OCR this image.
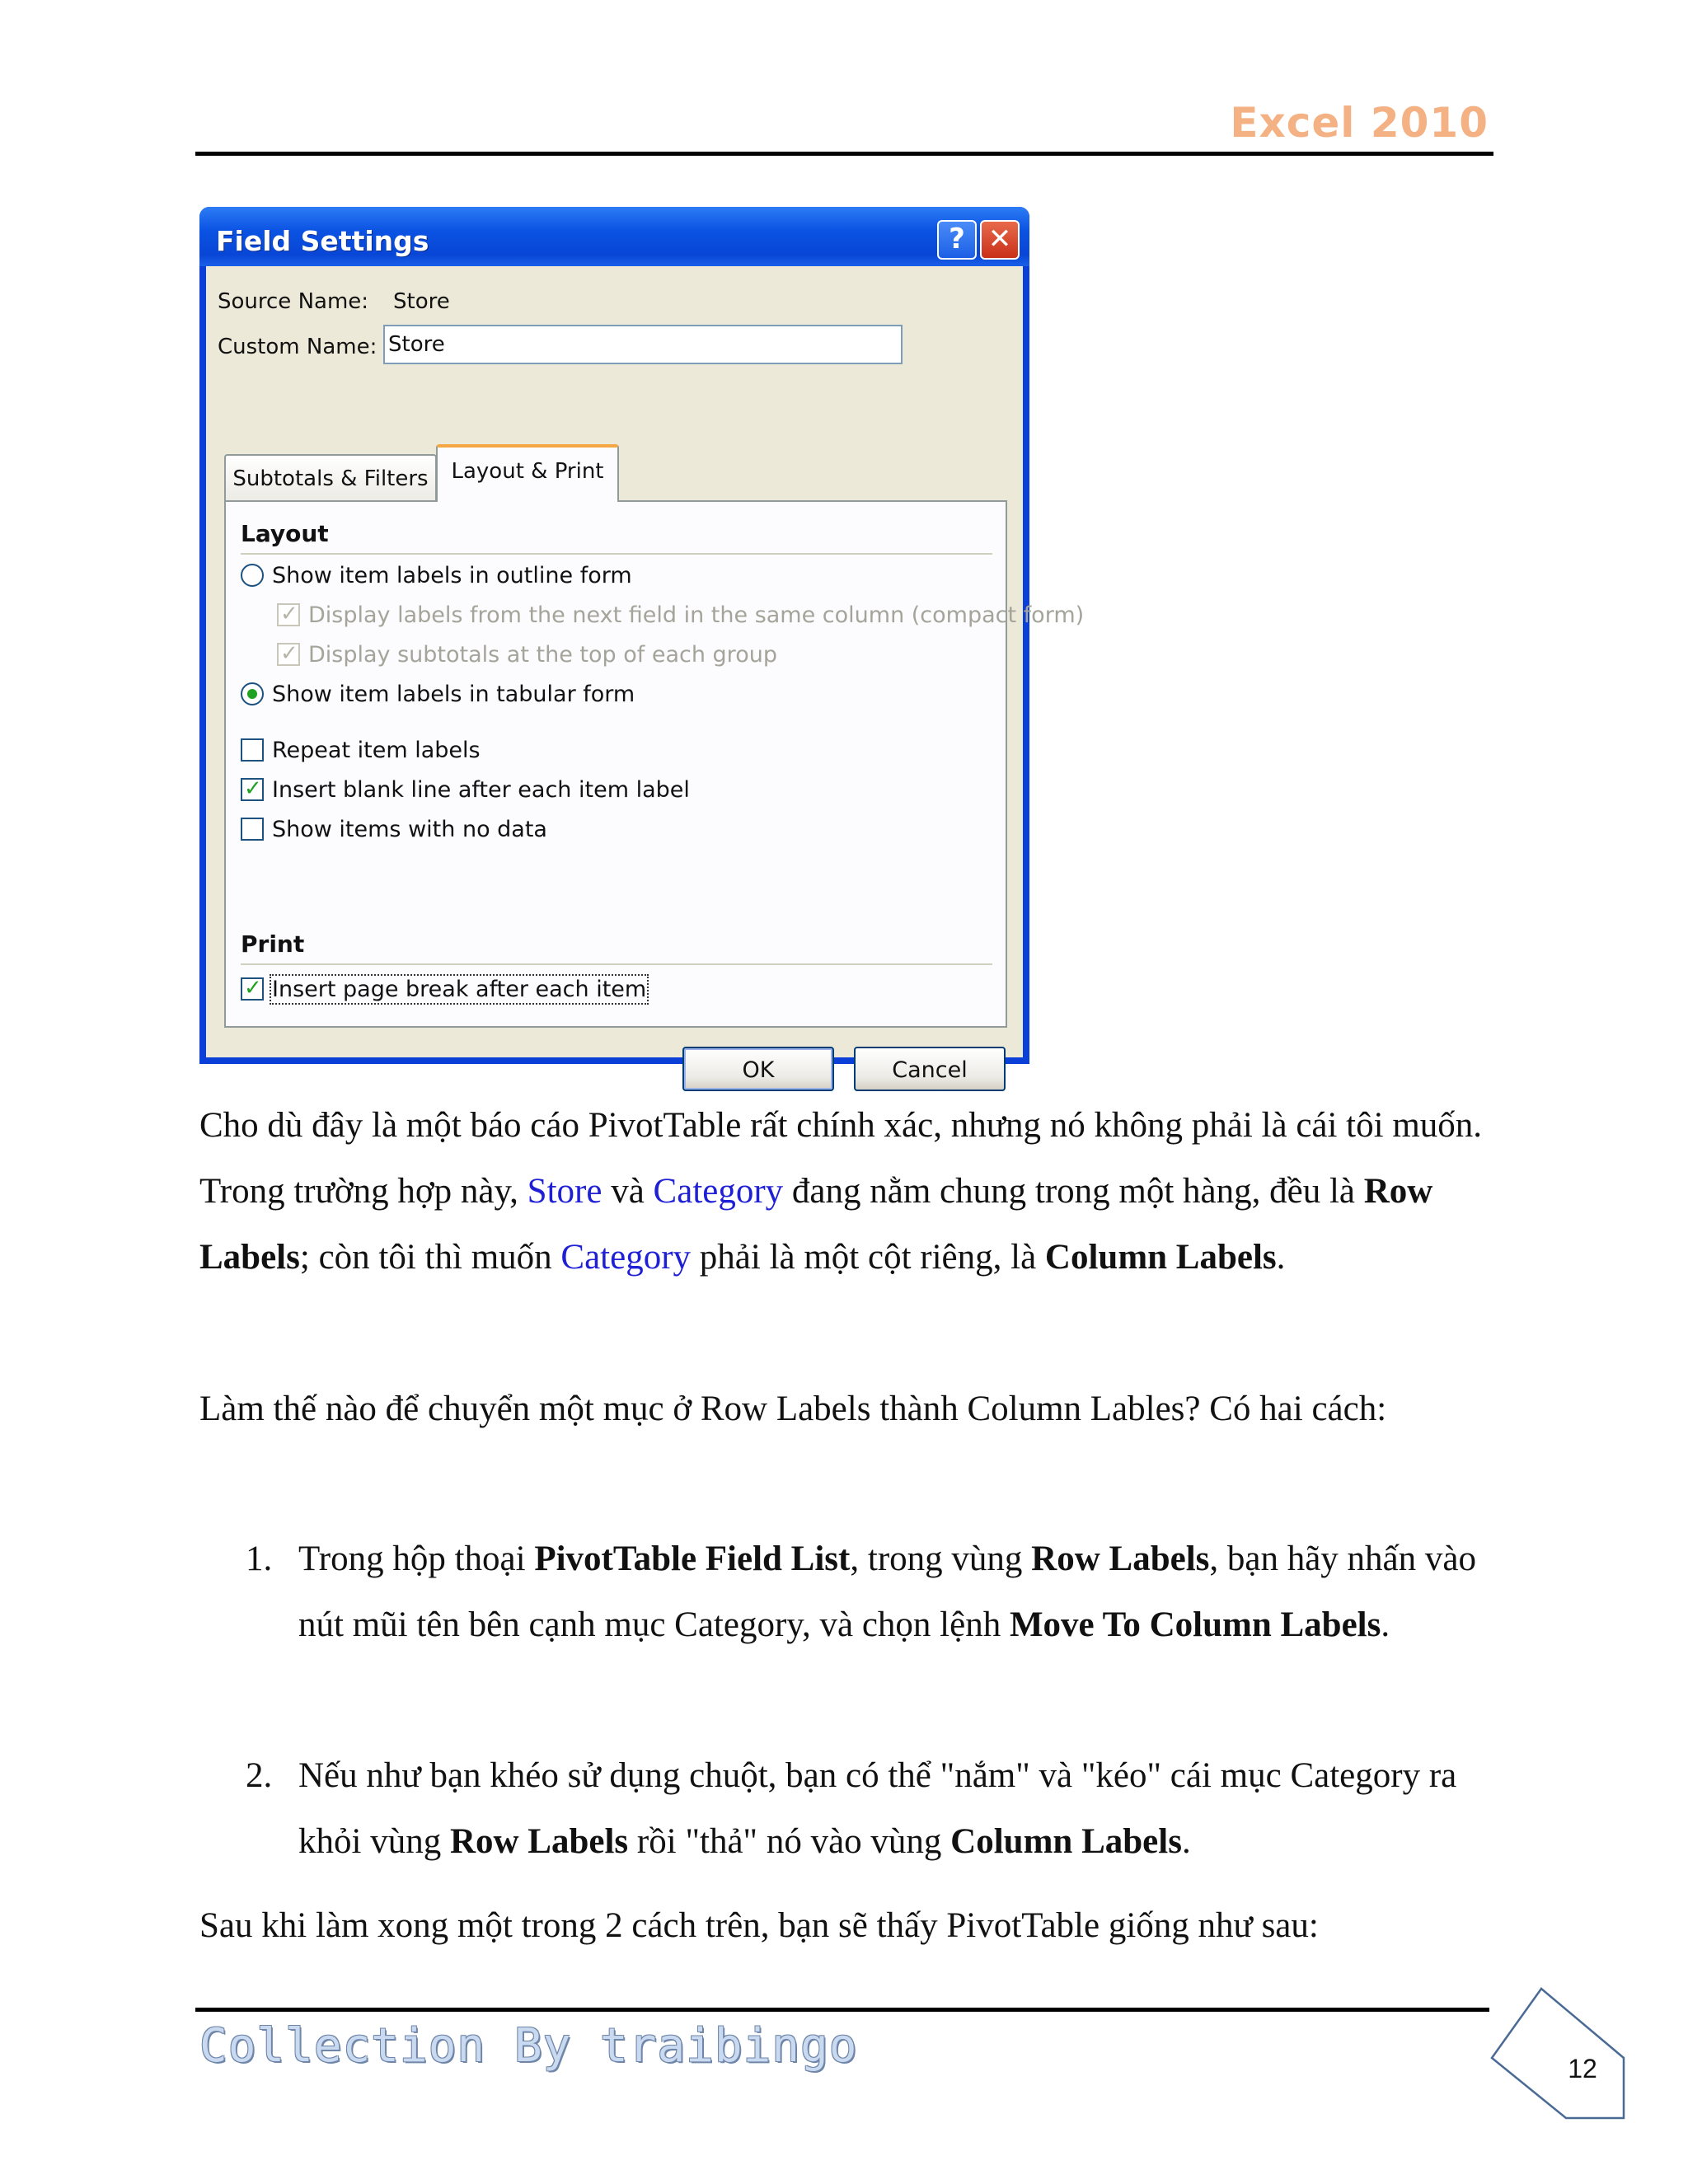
Excel 2010
Field Settings	? ✕
Source Name: Store
Custom Name: Store
Subtotals & Filters	Layout & Print
Layout
Show item labels in outline form
✓Display labels from the next field in the same column (compact form)
✓Display subtotals at the top of each group
Show item labels in tabular form
Repeat item labels
✓Insert blank line after each item label
Show items with no data
Print
✓Insert page break after each item
OK	Cancel

Cho dù đây là một báo cáo PivotTable rất chính xác, nhưng nó không phải là cái tôi muốn. Trong trường hợp này, Store và Category đang nằm chung trong một hàng, đều là Row Labels; còn tôi thì muốn Category phải là một cột riêng, là Column Labels.

Làm thế nào để chuyển một mục ở Row Labels thành Column Lables? Có hai cách:

1. Trong hộp thoại PivotTable Field List, trong vùng Row Labels, bạn hãy nhấn vào nút mũi tên bên cạnh mục Category, và chọn lệnh Move To Column Labels.
2. Nếu như bạn khéo sử dụng chuột, bạn có thể "nắm" và "kéo" cái mục Category ra khỏi vùng Row Labels rồi "thả" nó vào vùng Column Labels.

Sau khi làm xong một trong 2 cách trên, bạn sẽ thấy PivotTable giống như sau:

Collection By traibingo	12
